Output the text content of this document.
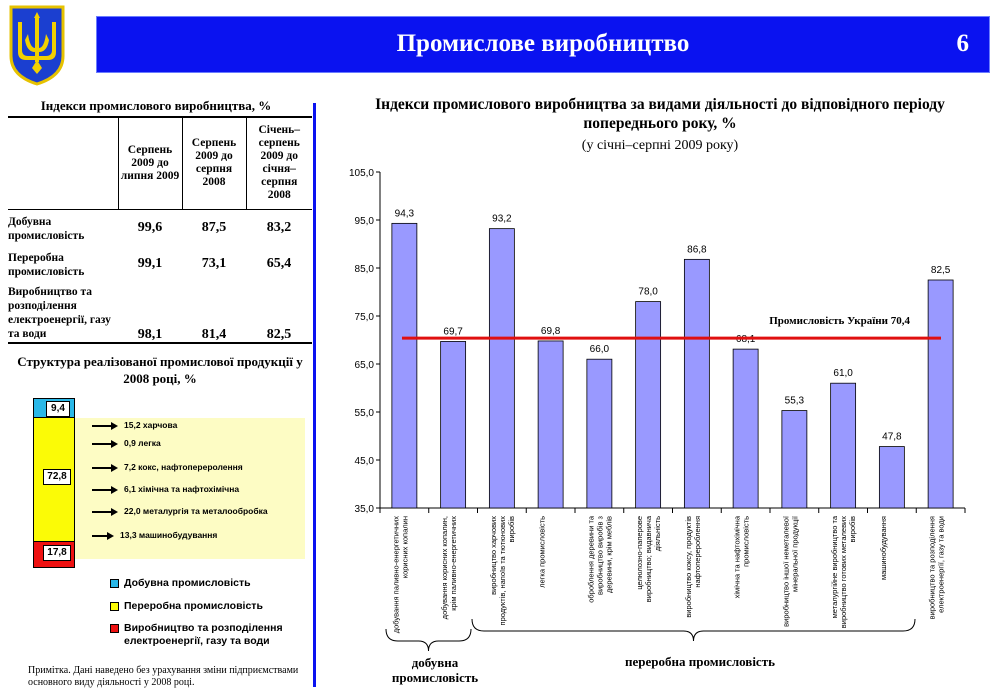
Промислове виробництво	6
Індекси промислового виробництва, %
	Серпень 2009 до липня 2009	Серпень 2009 до серпня 2008	Січень–серпень 2009 до січня–серпня 2008
Добувна промисловість	99,6	87,5	83,2
Переробна промисловість	99,1	73,1	65,4
Виробництво та розподілення електроенергії, газу та води	98,1	81,4	82,5
Структура реалізованої промислової продукції у 2008 році, %
9,4
72,8
17,8
15,2 харчова
0,9 легка
7,2 кокс, нафтопереролення
6,1 хімічна та нафтохімічна
22,0 металургія та металообробка
13,3 машинобудування
Добувна промисловість
Переробна промисловість
Виробництво та розподілення електроенергії, газу та води
Примітка. Дані наведено без урахування зміни підприємствами основного виду діяльності у 2008 році.
Індекси промислового виробництва за видами діяльності до відповідного періоду попереднього року, %
(у січні–серпні 2009 року)
35,0
45,0
55,0
65,0
75,0
85,0
95,0
105,0
94,3
добування паливно-енергетичнихкорисних копалин
69,7
добування корисних копалин,крім паливно-енергетичних
93,2
виробництво харчовихпродуктів, напоїв та тютюновихвиробів
69,8
легка промисловість
66,0
оброблення деревини тавиробництво виробів здеревини, крім меблів
78,0
целюлозно-паперовевиробництво; видавничадіяльність
86,8
виробництво коксу, продуктівнафтоперероблення
68,1
хімічна та нафтохімічнапромисловість
55,3
виробництво іншої неметалевоїмінеральної продукції
61,0
металургійне виробництво тавиробництво готових металевихвиробів
47,8
машинобудування
82,5
виробництво та розподіленняелектроенергії, газу та води
Промисловість України 70,4
добувна промисловість
переробна промисловість
